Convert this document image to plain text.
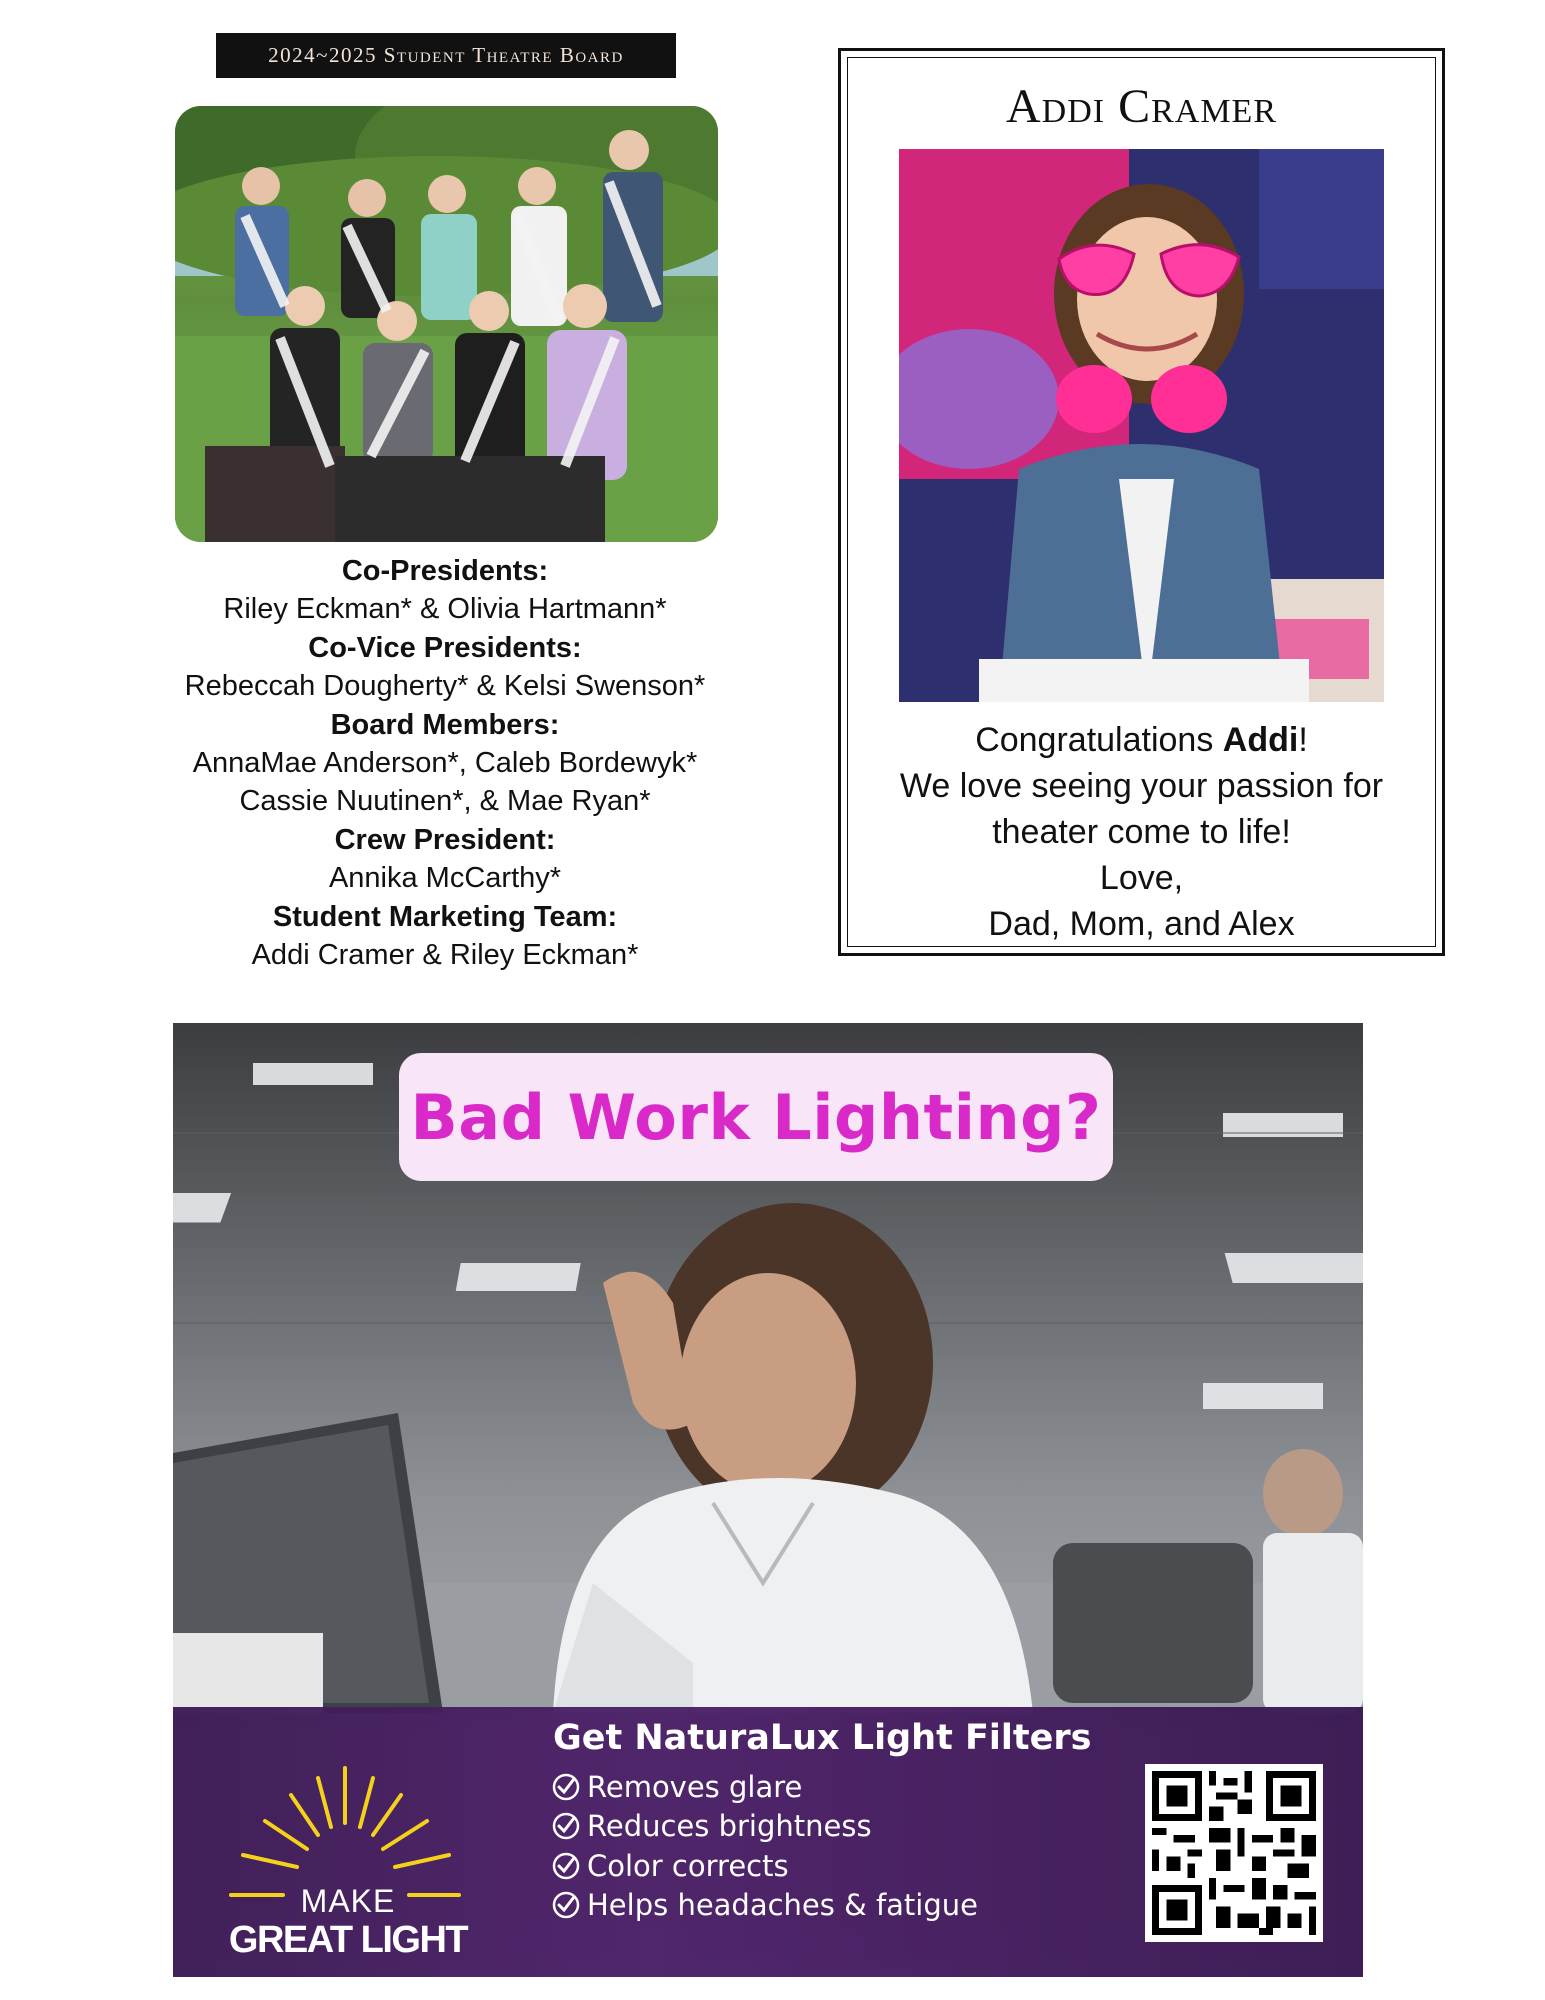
2024~2025 Student Theatre Board
Co-Presidents:
Riley Eckman* & Olivia Hartmann*
Co-Vice Presidents:
Rebeccah Dougherty* & Kelsi Swenson*
Board Members:
AnnaMae Anderson*, Caleb Bordewyk*
Cassie Nuutinen*, & Mae Ryan*
Crew President:
Annika McCarthy*
Student Marketing Team:
Addi Cramer & Riley Eckman*
Addi Cramer
Congratulations Addi!
We love seeing your passion for
theater come to life!
Love,
Dad, Mom, and Alex
Bad Work Lighting?
MAKE
GREAT LIGHT
Get NaturaLux Light Filters
Removes glare
Reduces brightness
Color corrects
Helps headaches & fatigue
